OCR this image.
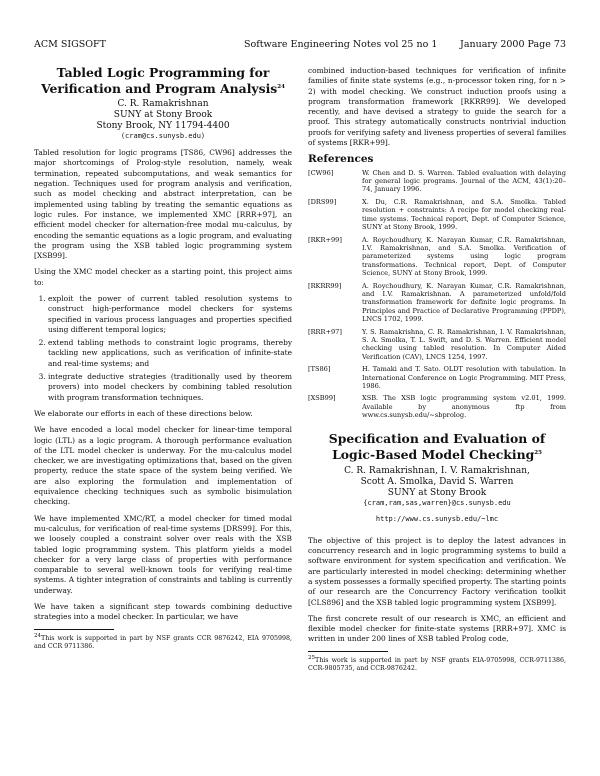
ACM SIGSOFT	Software Engineering Notes vol 25 no 1 January 2000 Page 73
Tabled Logic Programming for Verification and Program Analysis$^{24}$
C. R. Ramakrishnan
SUNY at Stony Brook
Stony Brook, NY 11794-4400
(cram@cs.sunysb.edu)

Tabled resolution for logic programs [TS86, CW96] addresses the major shortcomings of Prolog-style resolution, namely, weak termination, repeated subcomputations, and weak semantics for negation. Techniques used for program analysis and verification, such as model checking and abstract interpretation, can be implemented using tabling by treating the semantic equations as logic rules. For instance, we implemented XMC [RRR+97], an efficient model checker for alternation-free modal mu-calculus, by encoding the semantic equations as a logic program, and evaluating the program using the XSB tabled logic programming system [XSB99].

Using the XMC model checker as a starting point, this project aims to:

1. exploit the power of current tabled resolution systems to construct high-performance model checkers for systems specified in various process languages and properties specified using different temporal logics;
2. extend tabling methods to constraint logic programs, thereby tackling new applications, such as verification of infinite-state and real-time systems; and
3. integrate deductive strategies (traditionally used by theorem provers) into model checkers by combining tabled resolution with program transformation techniques.

We elaborate our efforts in each of these directions below.

We have encoded a local model checker for linear-time temporal logic (LTL) as a logic program. A thorough performance evaluation of the LTL model checker is underway. For the mu-calculus model checker, we are investigating optimizations that, based on the given property, reduce the state space of the system being verified. We are also exploring the formulation and implementation of equivalence checking techniques such as symbolic bisimulation checking.

We have implemented XMC/RT, a model checker for timed modal mu-calculus, for verification of real-time systems [DRS99]. For this, we loosely coupled a constraint solver over reals with the XSB tabled logic programming system. This platform yields a model checker for a very large class of properties with performance comparable to several well-known tools for verifying real-time systems. A tighter integration of constraints and tabling is currently underway.

We have taken a significant step towards combining deductive strategies into a model checker. In particular, we have

24This work is supported in part by NSF grants CCR 9876242, EIA 9705998, and CCR 9711386.

combined induction-based techniques for verification of infinite families of finite state systems (e.g., n-processor token ring, for n > 2) with model checking. We construct induction proofs using a program transformation framework [RKRR99]. We developed recently, and have devised a strategy to guide the search for a proof. This strategy automatically constructs nontrivial induction proofs for verifying safety and liveness properties of several families of systems [RKR+99].

References
[CW96]	W. Chen and D. S. Warren. Tabled evaluation with delaying for general logic programs. Journal of the ACM, 43(1):20–74, January 1996.
[DRS99]	X. Du, C.R. Ramakrishnan, and S.A. Smolka. Tabled resolution + constraints: A recipe for model checking real-time systems. Technical report, Dept. of Computer Science, SUNY at Stony Brook, 1999.
[RKR+99]	A. Roychoudhury, K. Narayan Kumar, C.R. Ramakrishnan, I.V. Ramakrishnan, and S.A. Smolka. Verification of parameterized systems using logic program transformations. Technical report, Dept. of Computer Science, SUNY at Stony Brook, 1999.
[RKRR99]	A. Roychoudhury, K. Narayan Kumar, C.R. Ramakrishnan, and I.V. Ramakrishnan. A parameterized unfold/fold transformation framework for definite logic programs. In Principles and Practice of Declarative Programming (PPDP), LNCS 1702, 1999.
[RRR+97]	Y. S. Ramakrishna, C. R. Ramakrishnan, I. V. Ramakrishnan, S. A. Smolka, T. L. Swift, and D. S. Warren. Efficient model checking using tabled resolution. In Computer Aided Verification (CAV), LNCS 1254, 1997.
[TS86]	H. Tamaki and T. Sato. OLDT resolution with tabulation. In International Conference on Logic Programming. MIT Press, 1986.
[XSB99]	XSB. The XSB logic programming system v2.01, 1999. Available by anonymous ftp from www.cs.sunysb.edu/~sbprolog.
Specification and Evaluation of Logic-Based Model Checking$^{25}$
C. R. Ramakrishnan, I. V. Ramakrishnan,
Scott A. Smolka, David S. Warren
SUNY at Stony Brook
{cram,ram,sas,warren}@cs.sunysb.edu
http://www.cs.sunysb.edu/~lmc

The objective of this project is to deploy the latest advances in concurrency research and in logic programming systems to build a software environment for system specification and verification. We are particularly interested in model checking: determining whether a system possesses a formally specified property. The starting points of our research are the Concurrency Factory verification toolkit [CLS896] and the XSB tabled logic programming system [XSB99].

The first concrete result of our research is XMC, an efficient and flexible model checker for finite-state systems [RRR+97]. XMC is written in under 200 lines of XSB tabled Prolog code,

25This work is supported in part by NSF grants EIA-9705998, CCR-9711386, CCR-9805735, and CCR-9876242.
